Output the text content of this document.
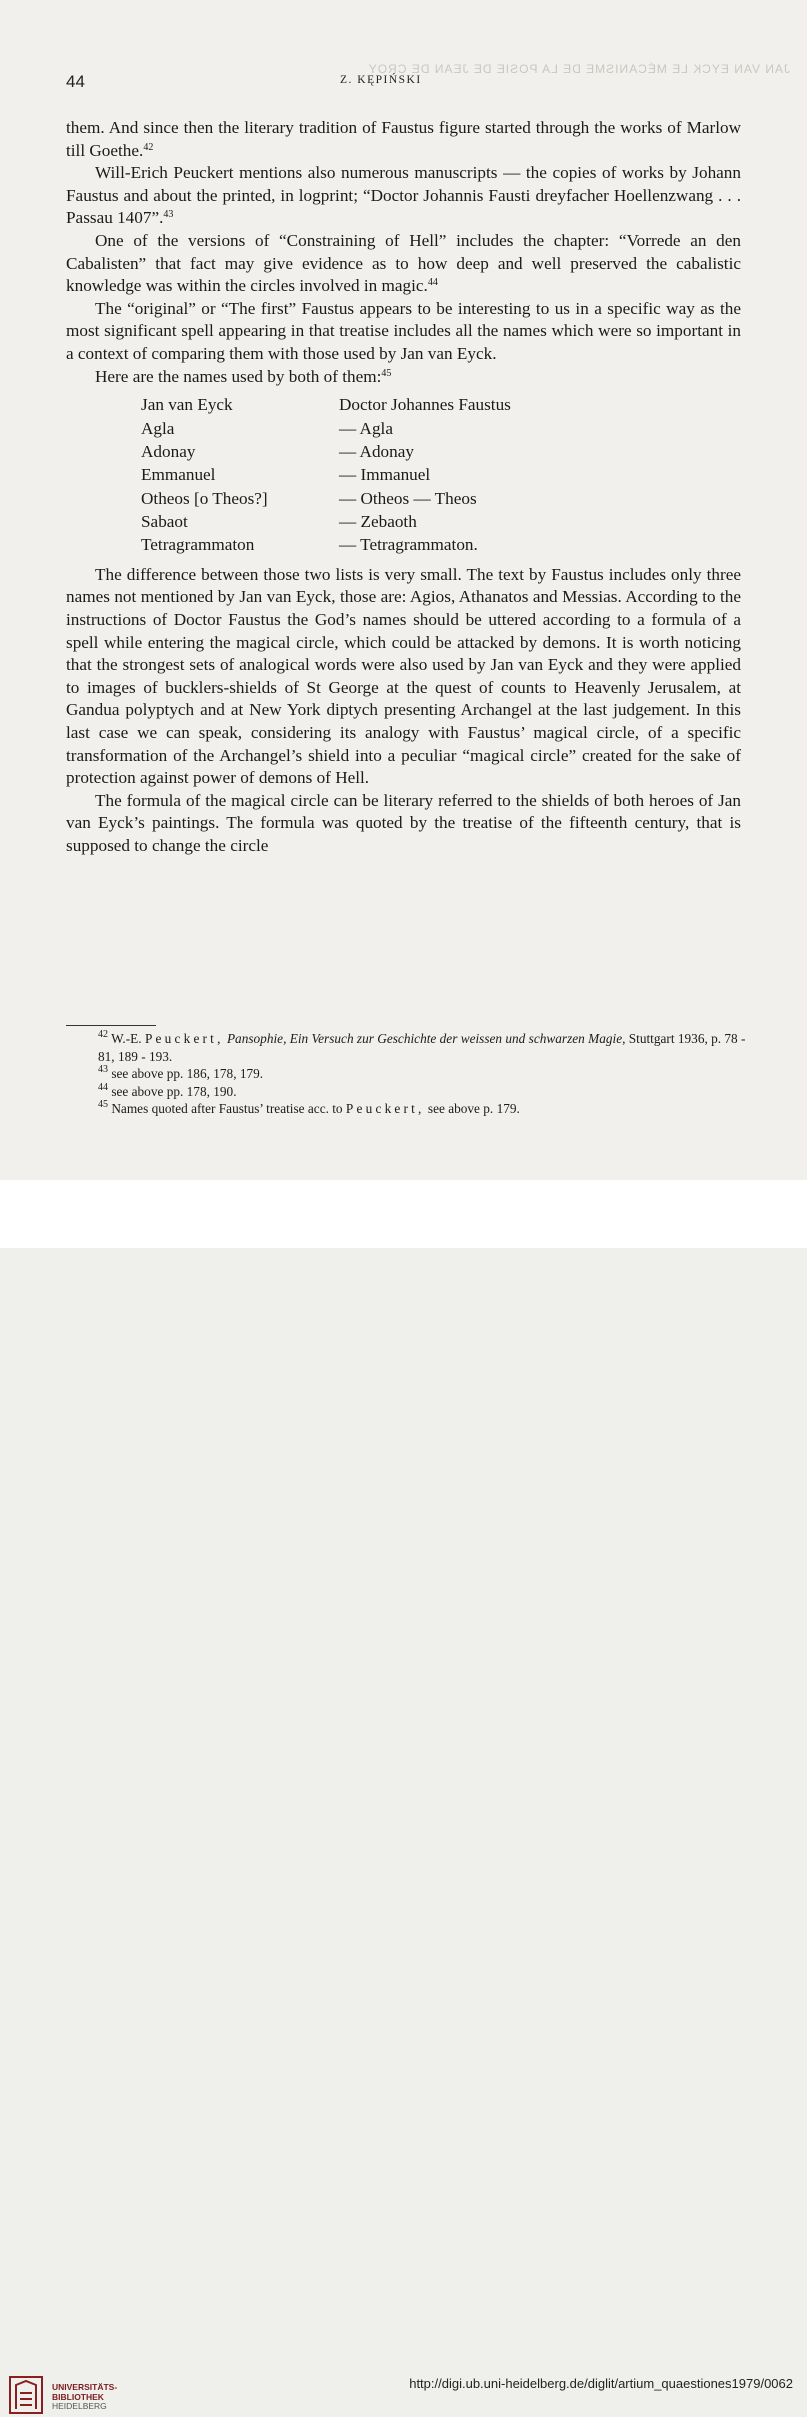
JAN VAN EYCK LE MÉCANISME DE LA POSIE DE JEAN DE CROY
44	Z. KĘPIŃSKI

them. And since then the literary tradition of Faustus figure started through the works of Marlow till Goethe.$^{42}$

Will-Erich Peuckert mentions also numerous manuscripts — the copies of works by Johann Faustus and about the printed, in logprint; “Doctor Johannis Fausti dreyfacher Hoellenzwang . . . Passau 1407”.$^{43}$

One of the versions of “Constraining of Hell” includes the chapter: “Vorrede an den Cabalisten” that fact may give evidence as to how deep and well preserved the cabalistic knowledge was within the circles involved in magic.$^{44}$

The “original” or “The first” Faustus appears to be interesting to us in a specific way as the most significant spell appearing in that treatise includes all the names which were so important in a context of comparing them with those used by Jan van Eyck.

Here are the names used by both of them:$^{45}$

Jan van Eyck	Doctor Johannes Faustus
Agla	— Agla
Adonay	— Adonay
Emmanuel	— Immanuel
Otheos [o Theos?]	— Otheos — Theos
Sabaot	— Zebaoth
Tetragrammaton	— Tetragrammaton.

The difference between those two lists is very small. The text by Faustus includes only three names not mentioned by Jan van Eyck, those are: Agios, Athanatos and Messias. According to the instructions of Doctor Faustus the God’s names should be uttered according to a formula of a spell while entering the magical circle, which could be attacked by demons. It is worth noticing that the strongest sets of analogical words were also used by Jan van Eyck and they were applied to images of bucklers-shields of St George at the quest of counts to Heavenly Jerusalem, at Gandua polyptych and at New York diptych presenting Archangel at the last judgement. In this last case we can speak, considering its analogy with Faustus’ magical circle, of a specific transformation of the Archangel’s shield into a peculiar “magical circle” created for the sake of protection against power of demons of Hell.

The formula of the magical circle can be literary referred to the shields of both heroes of Jan van Eyck’s paintings. The formula was quoted by the treatise of the fifteenth century, that is supposed to change the circle

$^{42}$ W.-E. Peuckert, Pansophie, Ein Versuch zur Geschichte der weissen und schwarzen Magie, Stuttgart 1936, p. 78 - 81, 189 - 193.
$^{43}$ see above pp. 186, 178, 179.
$^{44}$ see above pp. 178, 190.
$^{45}$ Names quoted after Faustus’ treatise acc. to Peuckert, see above p. 179.
UNIVERSITÄTS-
BIBLIOTHEK
HEIDELBERG
http://digi.ub.uni-heidelberg.de/diglit/artium_quaestiones1979/0062
